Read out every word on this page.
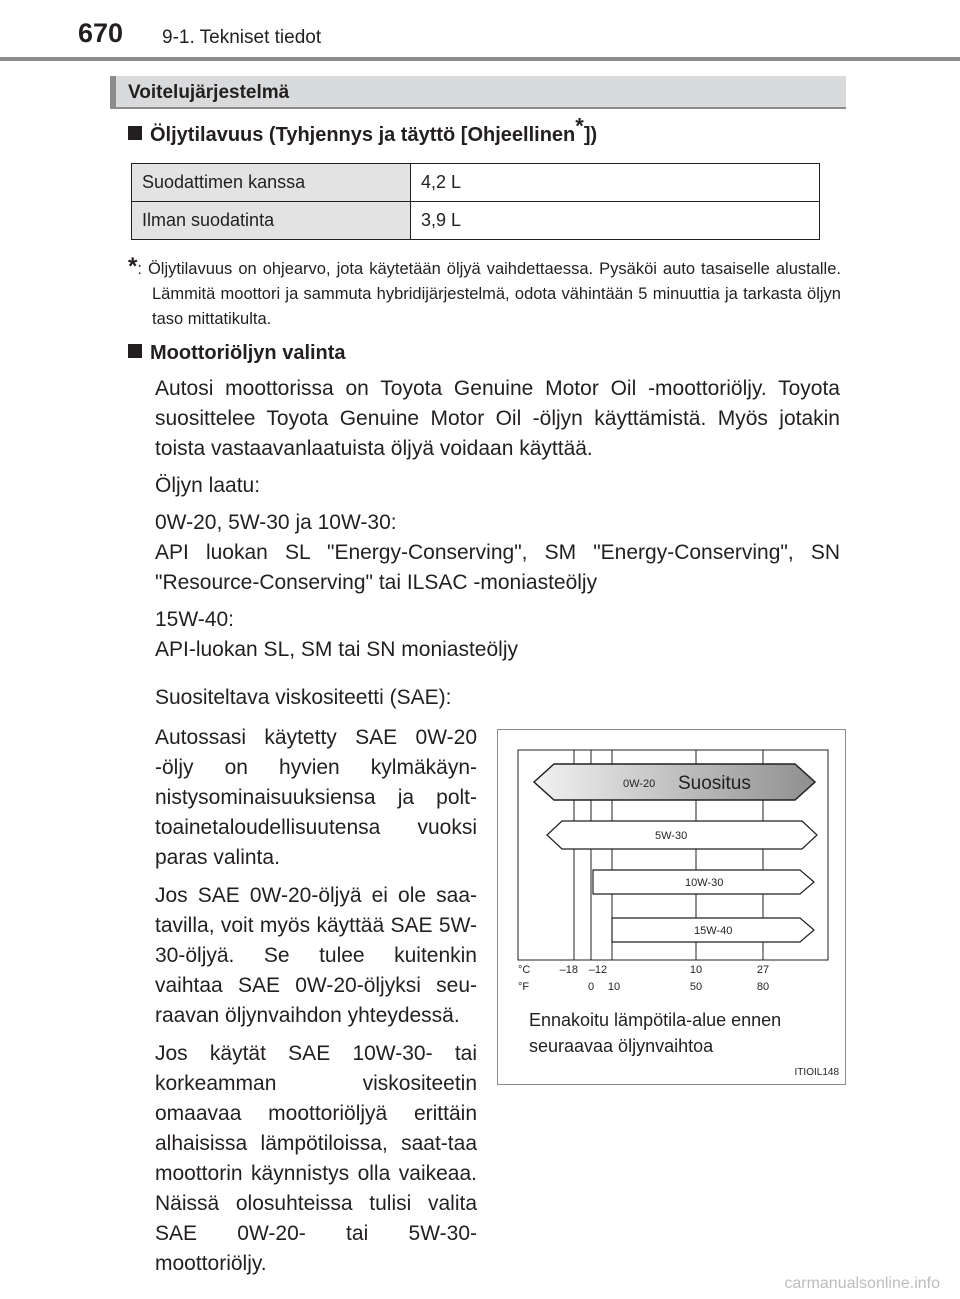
670 9-1. Tekniset tiedot
Voitelujärjestelmä
Öljytilavuus (Tyhjennys ja täyttö [Ohjeellinen*])
Suodattimen kanssa	4,2 L
Ilman suodatinta	3,9 L
*: Öljytilavuus on ohjearvo, jota käytetään öljyä vaihdettaessa. Pysäköi auto tasaiselle alustalle. Lämmitä moottori ja sammuta hybridijärjestelmä, odota vähintään 5 minuuttia ja tarkasta öljyn taso mittatikulta.
Moottoriöljyn valinta

Autosi moottorissa on Toyota Genuine Motor Oil -moottoriöljy. Toyota suosittelee Toyota Genuine Motor Oil -öljyn käyttämistä. Myös jotakin toista vastaavanlaatuista öljyä voidaan käyttää.

Öljyn laatu:

0W-20, 5W-30 ja 10W-30:

API luokan SL "Energy-Conserving", SM "Energy-Conserving", SN "Resource-Conserving" tai ILSAC -moniasteöljy

15W-40:

API-luokan SL, SM tai SN moniasteöljy

Suositeltava viskositeetti (SAE):

Autossasi käytetty SAE 0W-20 -öljy on hyvien kylmäkäyn-nistysominaisuuksiensa ja polt-toainetaloudellisuutensa vuoksi paras valinta.

Jos SAE 0W-20-öljyä ei ole saa-tavilla, voit myös käyttää SAE 5W-30-öljyä. Se tulee kuitenkin vaihtaa SAE 0W-20-öljyksi seu-raavan öljynvaihdon yhteydessä.

Jos käytät SAE 10W-30- tai korkeamman viskositeetin omaavaa moottoriöljyä erittäin alhaisissa lämpötiloissa, saat-taa moottorin käynnistys olla vaikeaa. Näissä olosuhteissa tulisi valita SAE 0W-20- tai 5W-30-moottoriöljy.

0W-20 Suositus
5W-30
10W-30
15W-40
°C
°F
–18 –12	10	27
0 10	50	80
Ennakoitu lämpötila-alue ennen
seuraavaa öljynvaihtoa
ITIOIL148
carmanualsonline.info
